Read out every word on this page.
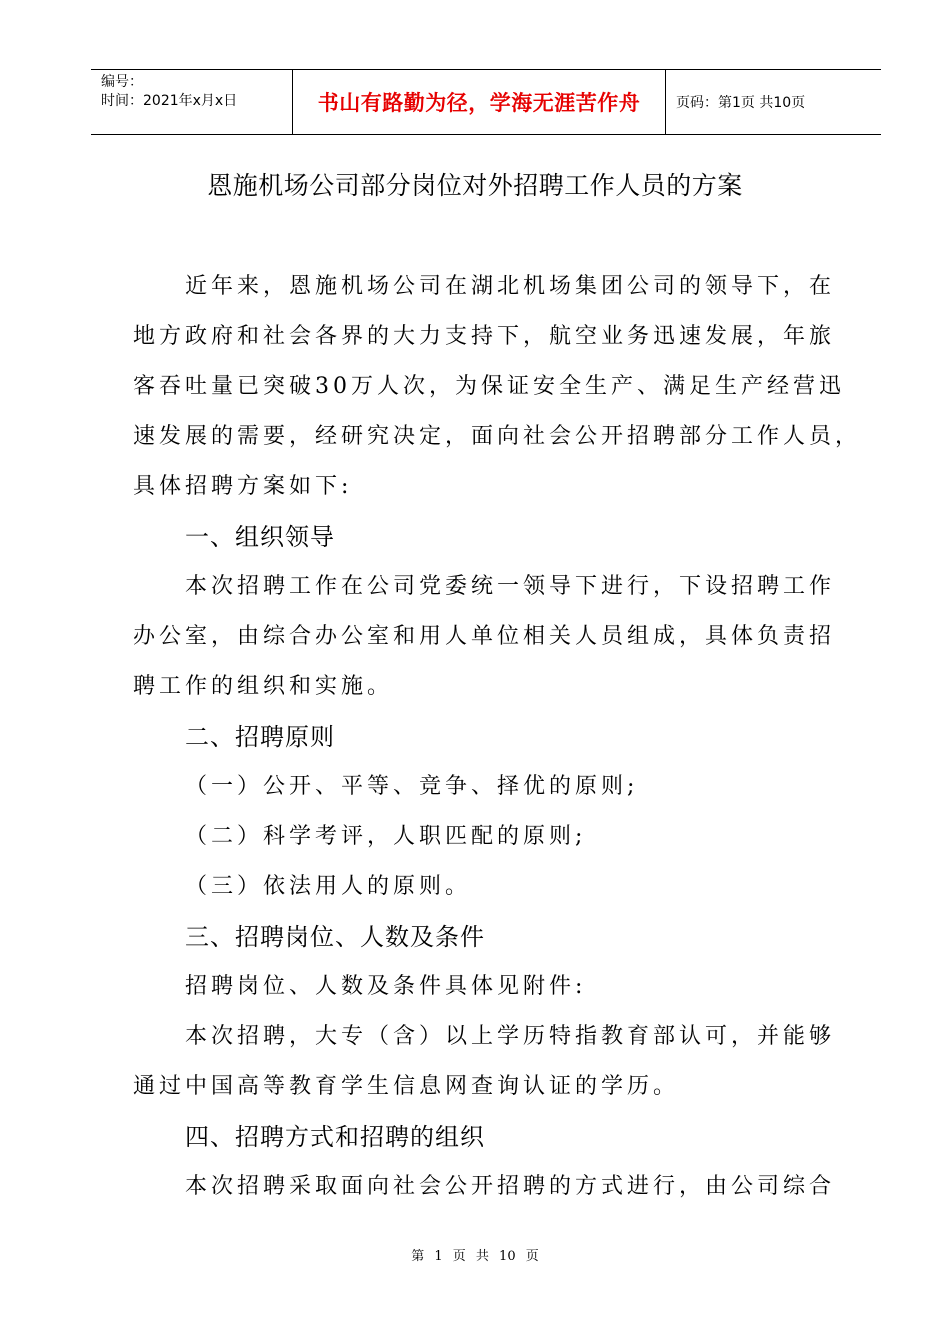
编号：
时间：2021年x月x日	书山有路勤为径，学海无涯苦作舟	页码：第1页 共10页
恩施机场公司部分岗位对外招聘工作人员的方案
近年来，恩施机场公司在湖北机场集团公司的领导下，在
地方政府和社会各界的大力支持下，航空业务迅速发展，年旅
客吞吐量已突破30万人次，为保证安全生产、满足生产经营迅
速发展的需要，经研究决定，面向社会公开招聘部分工作人员，
具体招聘方案如下:
一、组织领导
本次招聘工作在公司党委统一领导下进行，下设招聘工作
办公室，由综合办公室和用人单位相关人员组成，具体负责招
聘工作的组织和实施。
二、招聘原则
（一）公开、平等、竞争、择优的原则;
（二）科学考评，人职匹配的原则;
（三）依法用人的原则。
三、招聘岗位、人数及条件
招聘岗位、人数及条件具体见附件:
本次招聘，大专（含）以上学历特指教育部认可，并能够
通过中国高等教育学生信息网查询认证的学历。
四、招聘方式和招聘的组织
本次招聘采取面向社会公开招聘的方式进行，由公司综合
第 1 页 共 10 页
